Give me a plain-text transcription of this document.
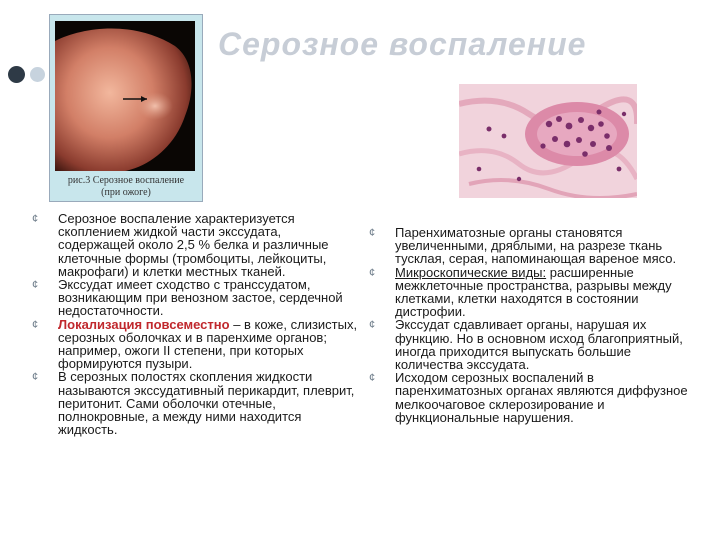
Серозное воспаление
рис.3 Серозное воспаление
(при ожоге)
¢ Серозное воспаление характеризуется скоплением жидкой части экссудата, содержащей около 2,5 % белка и различные клеточные формы (тромбоциты, лейкоциты, макрофаги) и клетки местных тканей.
¢ Экссудат имеет сходство с транссудатом, возникающим при венозном застое, сердечной недостаточности.
¢ Локализация повсеместно – в коже, слизистых, серозных оболочках и в паренхиме органов; например, ожоги II степени, при которых формируются пузыри.
¢ В серозных полостях скопления жидкости называются экссудативный перикардит, плеврит, перитонит. Сами оболочки отечные, полнокровные, а между ними находится жидкость.
¢ Паренхиматозные органы становятся увеличенными, дряблыми, на разрезе ткань тусклая, серая, напоминающая вареное мясо.
¢ Микроскопические виды: расширенные межклеточные пространства, разрывы между клетками, клетки находятся в состоянии дистрофии.
¢ Экссудат сдавливает органы, нарушая их функцию. Но в основном исход благоприятный, иногда приходится выпускать большие количества экссудата.
¢ Исходом серозных воспалений в паренхиматозных органах являются диффузное мелкоочаговое склерозирование и функциональные нарушения.
